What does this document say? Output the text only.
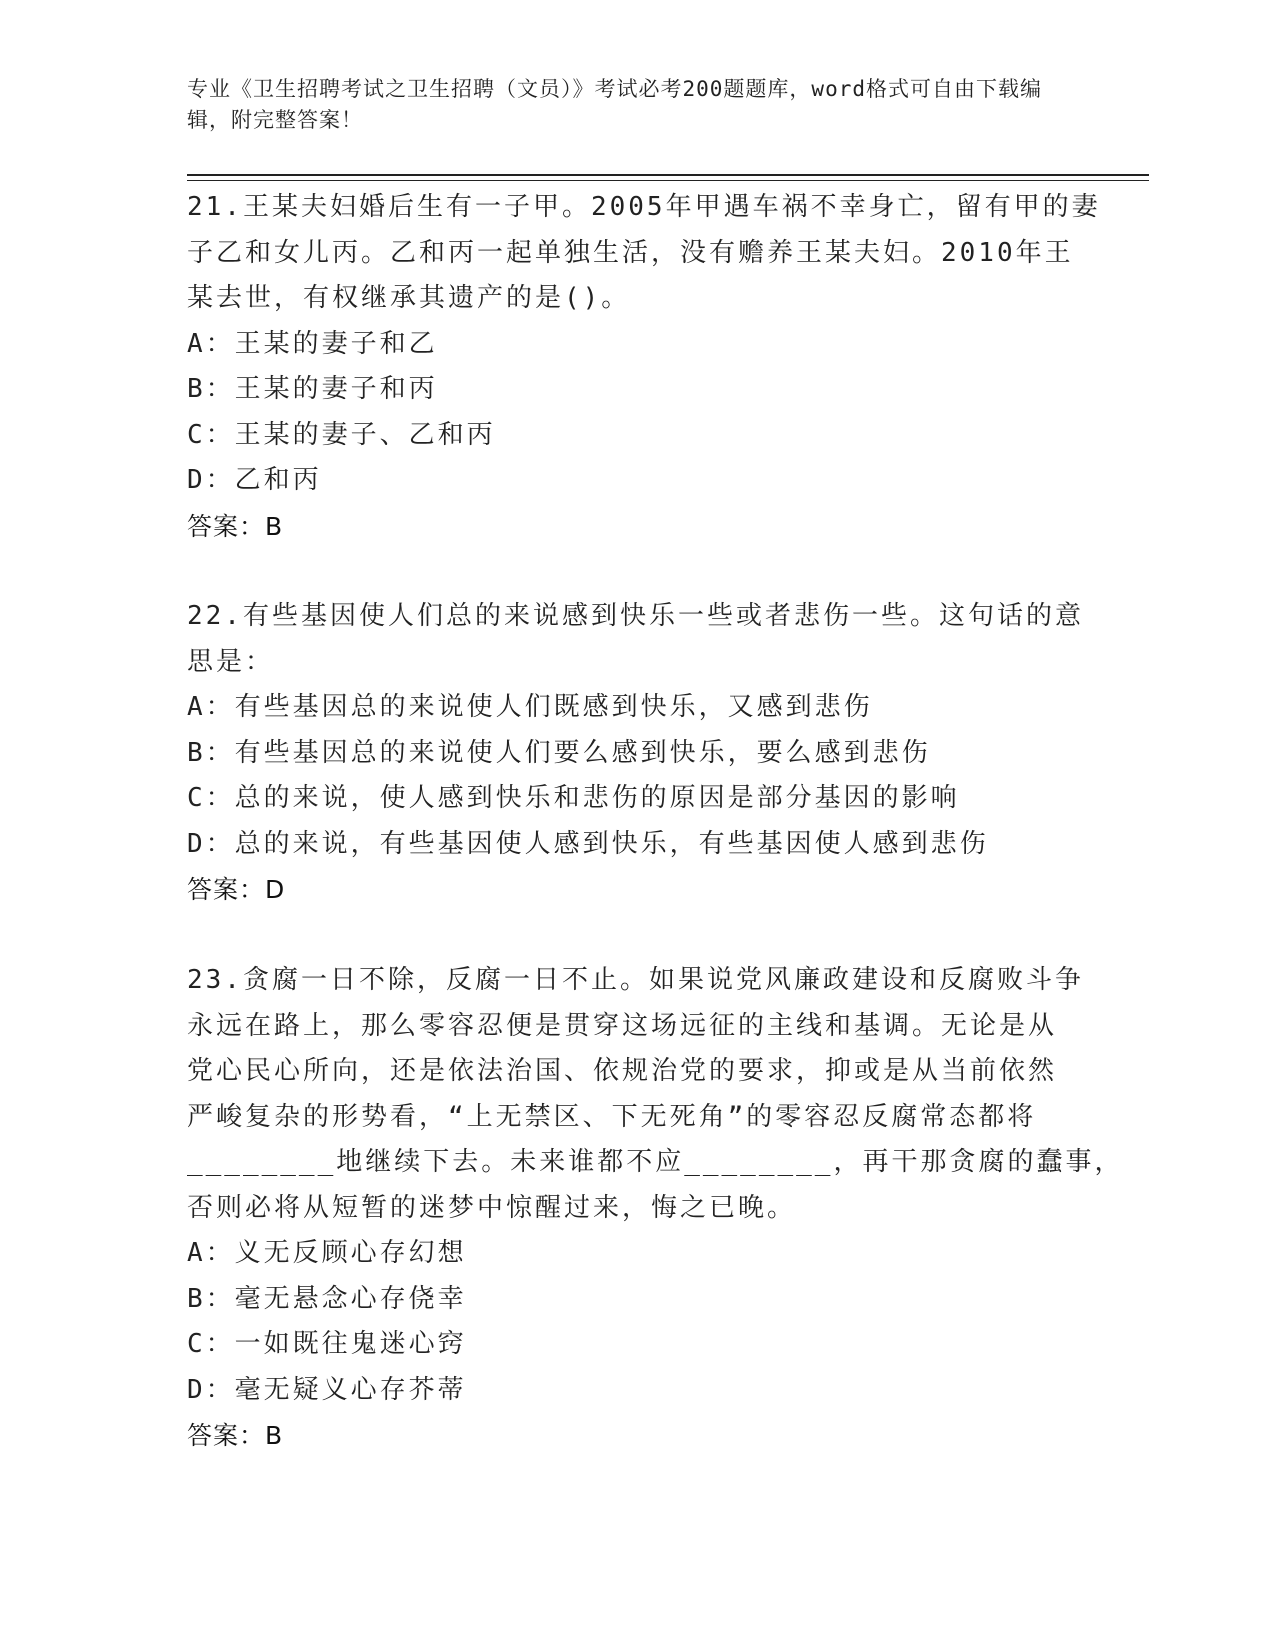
专业《卫生招聘考试之卫生招聘（文员）》考试必考200题题库，word格式可自由下载编辑，附完整答案！
21.王某夫妇婚后生有一子甲。2005年甲遇车祸不幸身亡，留有甲的妻
子乙和女儿丙。乙和丙一起单独生活，没有赡养王某夫妇。2010年王
某去世，有权继承其遗产的是()。
A：王某的妻子和乙
B：王某的妻子和丙
C：王某的妻子、乙和丙
D：乙和丙
答案：B
22.有些基因使人们总的来说感到快乐一些或者悲伤一些。这句话的意
思是：
A：有些基因总的来说使人们既感到快乐，又感到悲伤
B：有些基因总的来说使人们要么感到快乐，要么感到悲伤
C：总的来说，使人感到快乐和悲伤的原因是部分基因的影响
D：总的来说，有些基因使人感到快乐，有些基因使人感到悲伤
答案：D
23.贪腐一日不除，反腐一日不止。如果说党风廉政建设和反腐败斗争
永远在路上，那么零容忍便是贯穿这场远征的主线和基调。无论是从
党心民心所向，还是依法治国、依规治党的要求，抑或是从当前依然
严峻复杂的形势看，“上无禁区、下无死角”的零容忍反腐常态都将
________地继续下去。未来谁都不应________，再干那贪腐的蠢事，
否则必将从短暂的迷梦中惊醒过来，悔之已晚。
A：义无反顾心存幻想
B：毫无悬念心存侥幸
C：一如既往鬼迷心窍
D：毫无疑义心存芥蒂
答案：B
